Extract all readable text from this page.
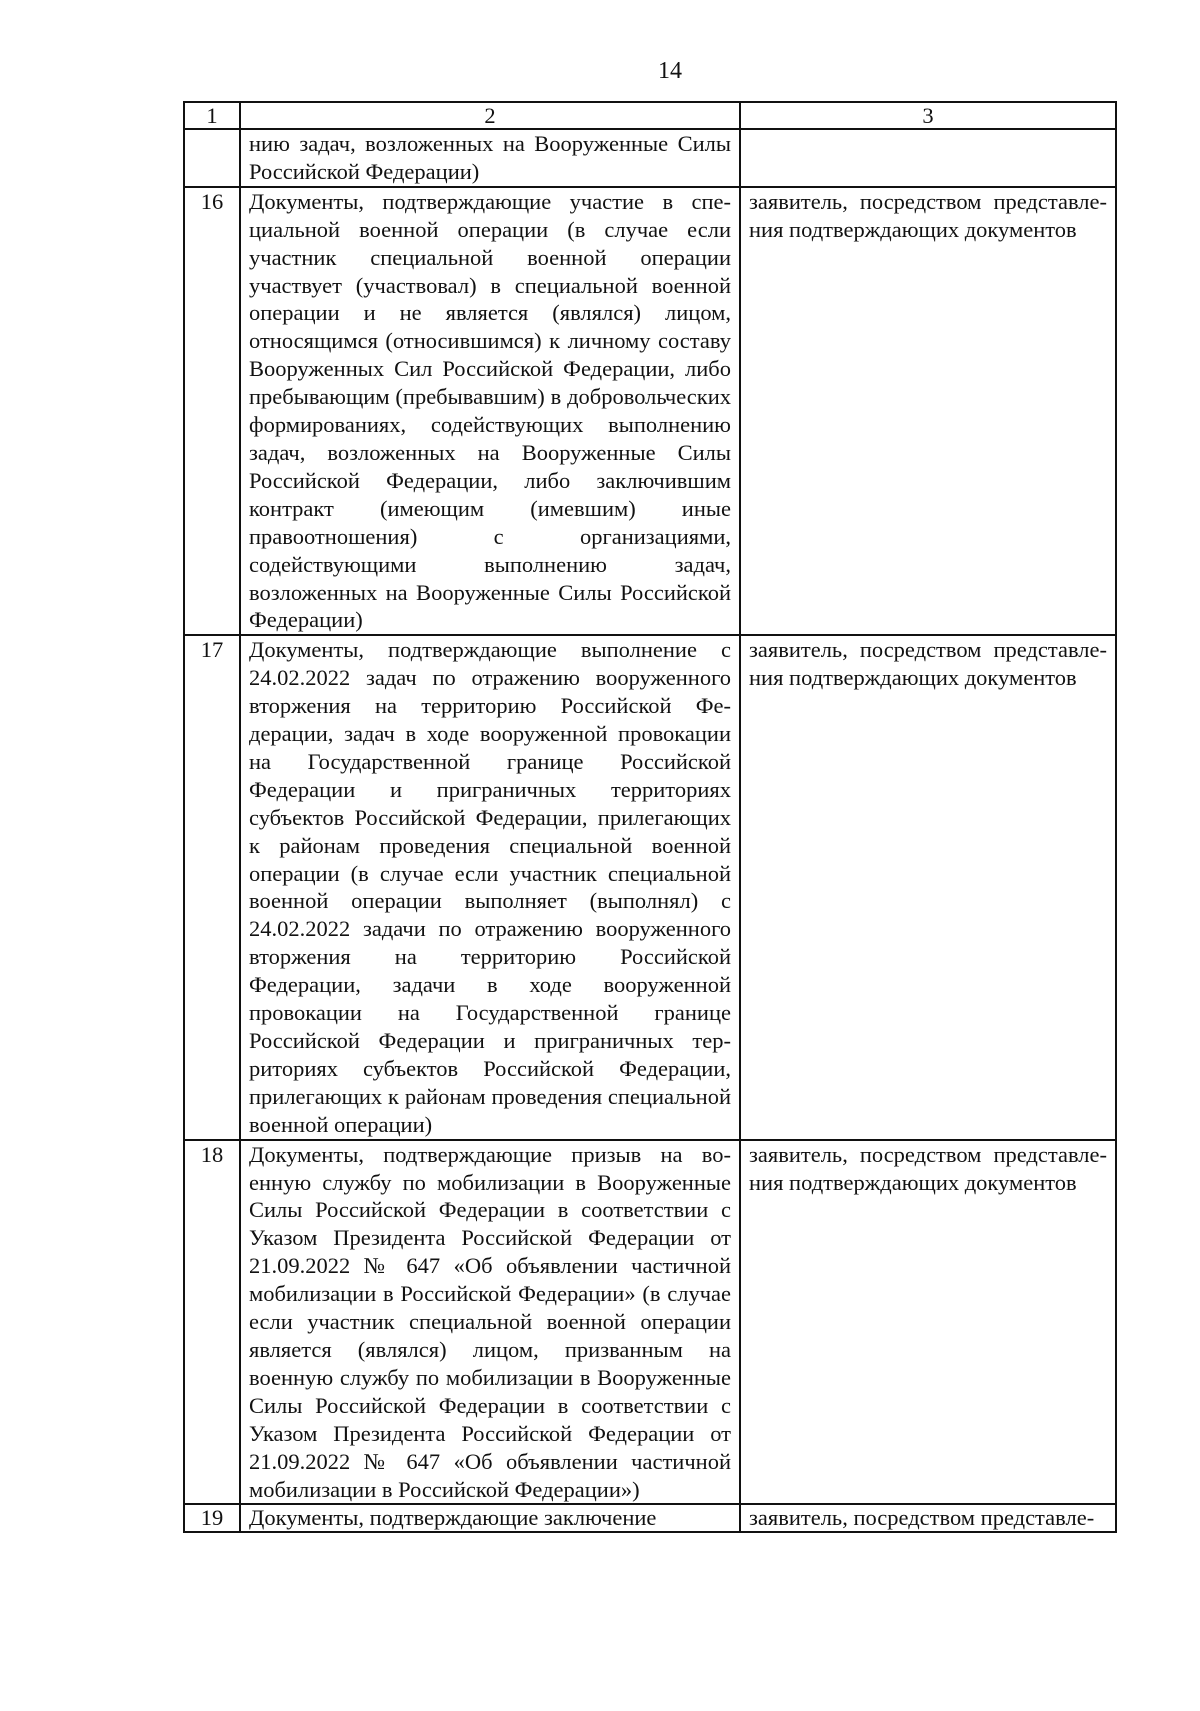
14
1	2	3
	нию задач, возложенных на Вооруженные Силы Российской Федерации)	
16	Документы, подтверждающие участие в специальной военной операции (в случае если участник специальной военной операции участвует (участвовал) в специальной военной операции и не является (являлся) лицом, относящимся (относившимся) к личному составу Вооруженных Сил Российской Федерации, либо пребывающим (пребывавшим) в добровольческих формированиях, содействующих выполнению задач, возложенных на Вооруженные Силы Российской Федерации, либо заключившим контракт (имеющим (имевшим) иные правоотношения) с организациями, содействующими выполнению задач, возложенных на Вооруженные Силы Российской Федерации)	заявитель, посредством представления подтверждающих документов
17	Документы, подтверждающие выполнение с 24.02.2022 задач по отражению вооруженного вторжения на территорию Российской Федерации, задач в ходе вооруженной провокации на Государственной границе Российской Федерации и приграничных территориях субъектов Российской Федерации, прилегающих к районам проведения специальной военной операции (в случае если участник специальной военной операции выполняет (выполнял) с 24.02.2022 задачи по отражению вооруженного вторжения на территорию Российской Федерации, задачи в ходе вооруженной провокации на Государственной границе Российской Федерации и приграничных территориях субъектов Российской Федерации, прилегающих к районам проведения специальной военной операции)	заявитель, посредством представления подтверждающих документов
18	Документы, подтверждающие призыв на военную службу по мобилизации в Вооруженные Силы Российской Федерации в соответствии с Указом Президента Российской Федерации от 21.09.2022 № 647 «Об объявлении частичной мобилизации в Российской Федерации» (в случае если участник специальной военной операции является (являлся) лицом, призванным на военную службу по мобилизации в Вооруженные Силы Российской Федерации в соответствии с Указом Президента Российской Федерации от 21.09.2022 № 647 «Об объявлении частичной мобилизации в Российской Федерации»)	заявитель, посредством представления подтверждающих документов
19	Документы, подтверждающие заключение	заявитель, посредством представле-
